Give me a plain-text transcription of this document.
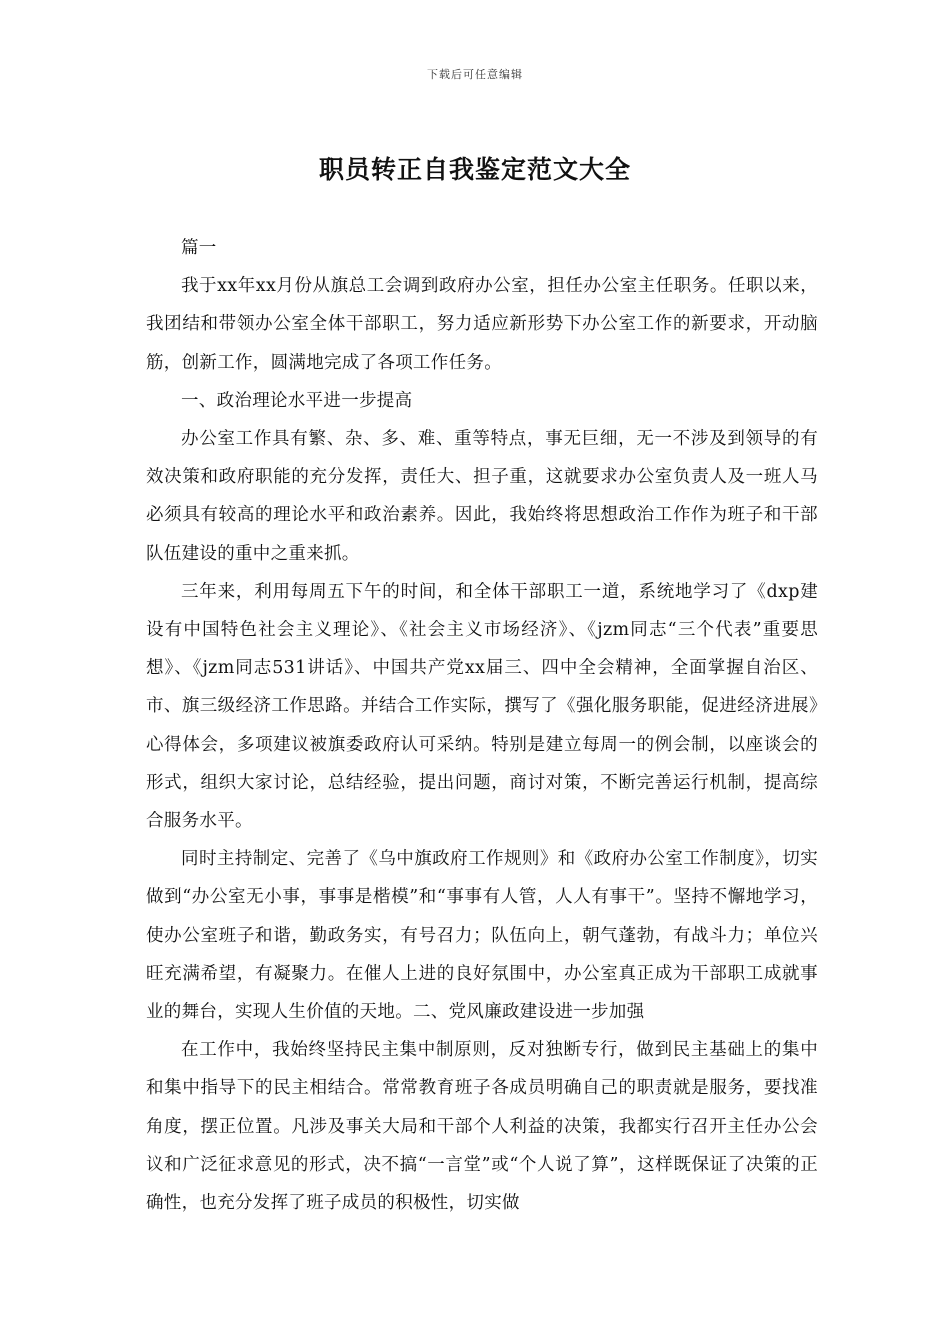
下载后可任意编辑
职员转正自我鉴定范文大全

篇一

我于xx年xx月份从旗总工会调到政府办公室，担任办公室主任职务。任职以来，我团结和带领办公室全体干部职工，努力适应新形势下办公室工作的新要求，开动脑筋，创新工作，圆满地完成了各项工作任务。

一、政治理论水平进一步提高

办公室工作具有繁、杂、多、难、重等特点，事无巨细，无一不涉及到领导的有效决策和政府职能的充分发挥，责任大、担子重，这就要求办公室负责人及一班人马必须具有较高的理论水平和政治素养。因此，我始终将思想政治工作作为班子和干部队伍建设的重中之重来抓。

三年来，利用每周五下午的时间，和全体干部职工一道，系统地学习了《dxp建设有中国特色社会主义理论》、《社会主义市场经济》、《jzm同志“三个代表”重要思想》、《jzm同志531讲话》、中国共产党xx届三、四中全会精神，全面掌握自治区、市、旗三级经济工作思路。并结合工作实际，撰写了《强化服务职能，促进经济进展》心得体会，多项建议被旗委政府认可采纳。特别是建立每周一的例会制，以座谈会的形式，组织大家讨论，总结经验，提出问题，商讨对策，不断完善运行机制，提高综合服务水平。

同时主持制定、完善了《乌中旗政府工作规则》和《政府办公室工作制度》，切实做到“办公室无小事，事事是楷模”和“事事有人管，人人有事干”。坚持不懈地学习，使办公室班子和谐，勤政务实，有号召力；队伍向上，朝气蓬勃，有战斗力；单位兴旺充满希望，有凝聚力。在催人上进的良好氛围中，办公室真正成为干部职工成就事业的舞台，实现人生价值的天地。二、党风廉政建设进一步加强

在工作中，我始终坚持民主集中制原则，反对独断专行，做到民主基础上的集中和集中指导下的民主相结合。常常教育班子各成员明确自己的职责就是服务，要找准角度，摆正位置。凡涉及事关大局和干部个人利益的决策，我都实行召开主任办公会议和广泛征求意见的形式，决不搞“一言堂”或“个人说了算”，这样既保证了决策的正确性，也充分发挥了班子成员的积极性，切实做
